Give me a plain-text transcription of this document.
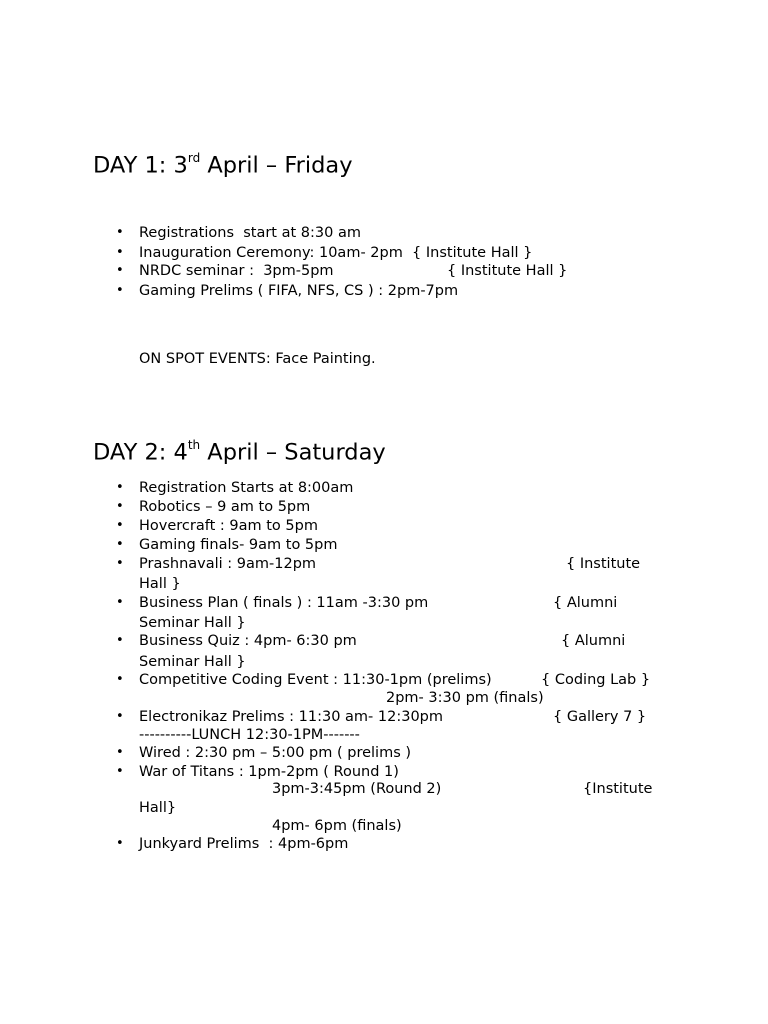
DAY 1: 3rd April – Friday
• Registrations  start at 8:30 am
• Inauguration Ceremony: 10am- 2pm  { Institute Hall }
• NRDC seminar :  3pm-5pm	{ Institute Hall }
• Gaming Prelims ( FIFA, NFS, CS ) : 2pm-7pm
ON SPOT EVENTS: Face Painting.
DAY 2: 4th April – Saturday
• Registration Starts at 8:00am
• Robotics – 9 am to 5pm
• Hovercraft : 9am to 5pm
• Gaming finals- 9am to 5pm
• Prashnavali : 9am-12pm	{ Institute
Hall }
• Business Plan ( finals ) : 11am -3:30 pm	{ Alumni
Seminar Hall }
• Business Quiz : 4pm- 6:30 pm	{ Alumni
Seminar Hall }
• Competitive Coding Event : 11:30-1pm (prelims)	{ Coding Lab }
2pm- 3:30 pm (finals)
• Electronikaz Prelims : 11:30 am- 12:30pm	{ Gallery 7 }
----------LUNCH 12:30-1PM-------
• Wired : 2:30 pm – 5:00 pm ( prelims )
• War of Titans : 1pm-2pm ( Round 1)
3pm-3:45pm (Round 2)	{Institute
Hall}
4pm- 6pm (finals)
• Junkyard Prelims  : 4pm-6pm
